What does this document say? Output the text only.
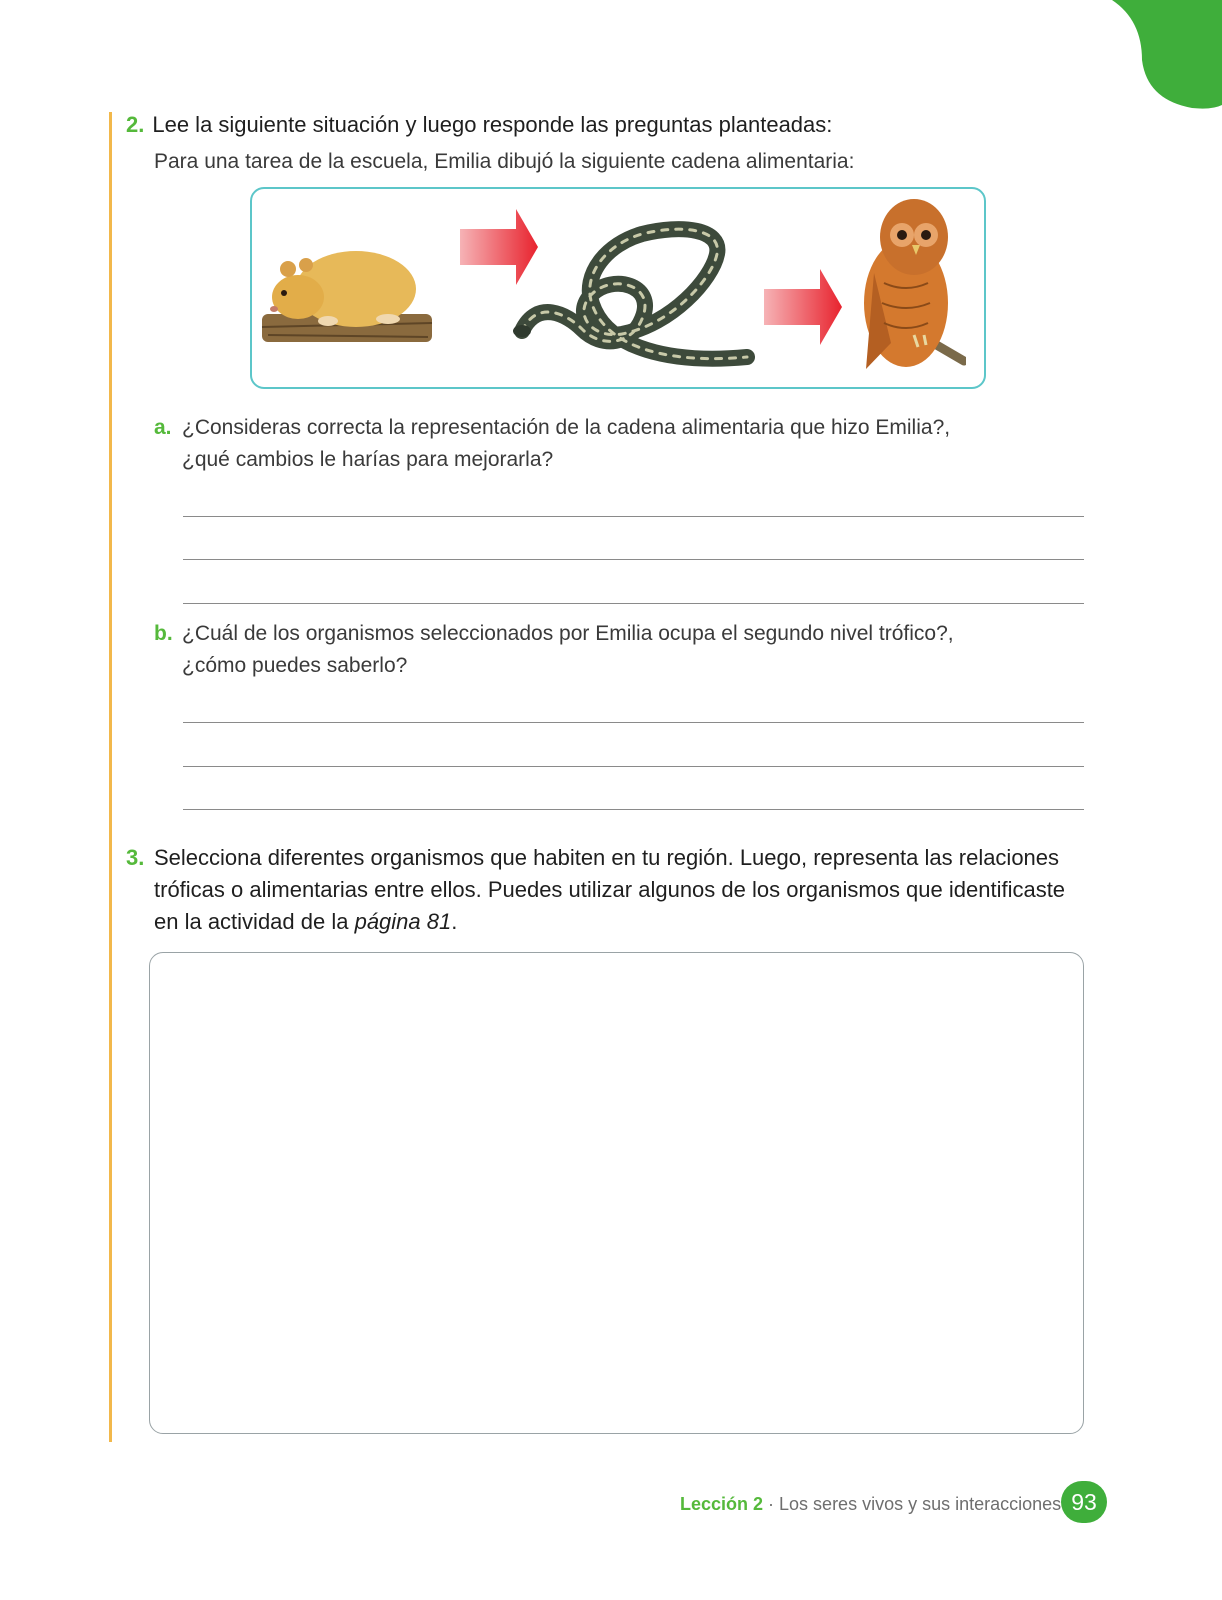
2. Lee la siguiente situación y luego responde las preguntas planteadas:
Para una tarea de la escuela, Emilia dibujó la siguiente cadena alimentaria:
a. ¿Consideras correcta la representación de la cadena alimentaria que hizo Emilia?,
¿qué cambios le harías para mejorarla?
b. ¿Cuál de los organismos seleccionados por Emilia ocupa el segundo nivel trófico?,
¿cómo puedes saberlo?
3. Selecciona diferentes organismos que habiten en tu región. Luego, representa las relaciones tróficas o alimentarias entre ellos. Puedes utilizar algunos de los organismos que identificaste en la actividad de la página 81.
Lección 2 · Los seres vivos y sus interacciones 93
